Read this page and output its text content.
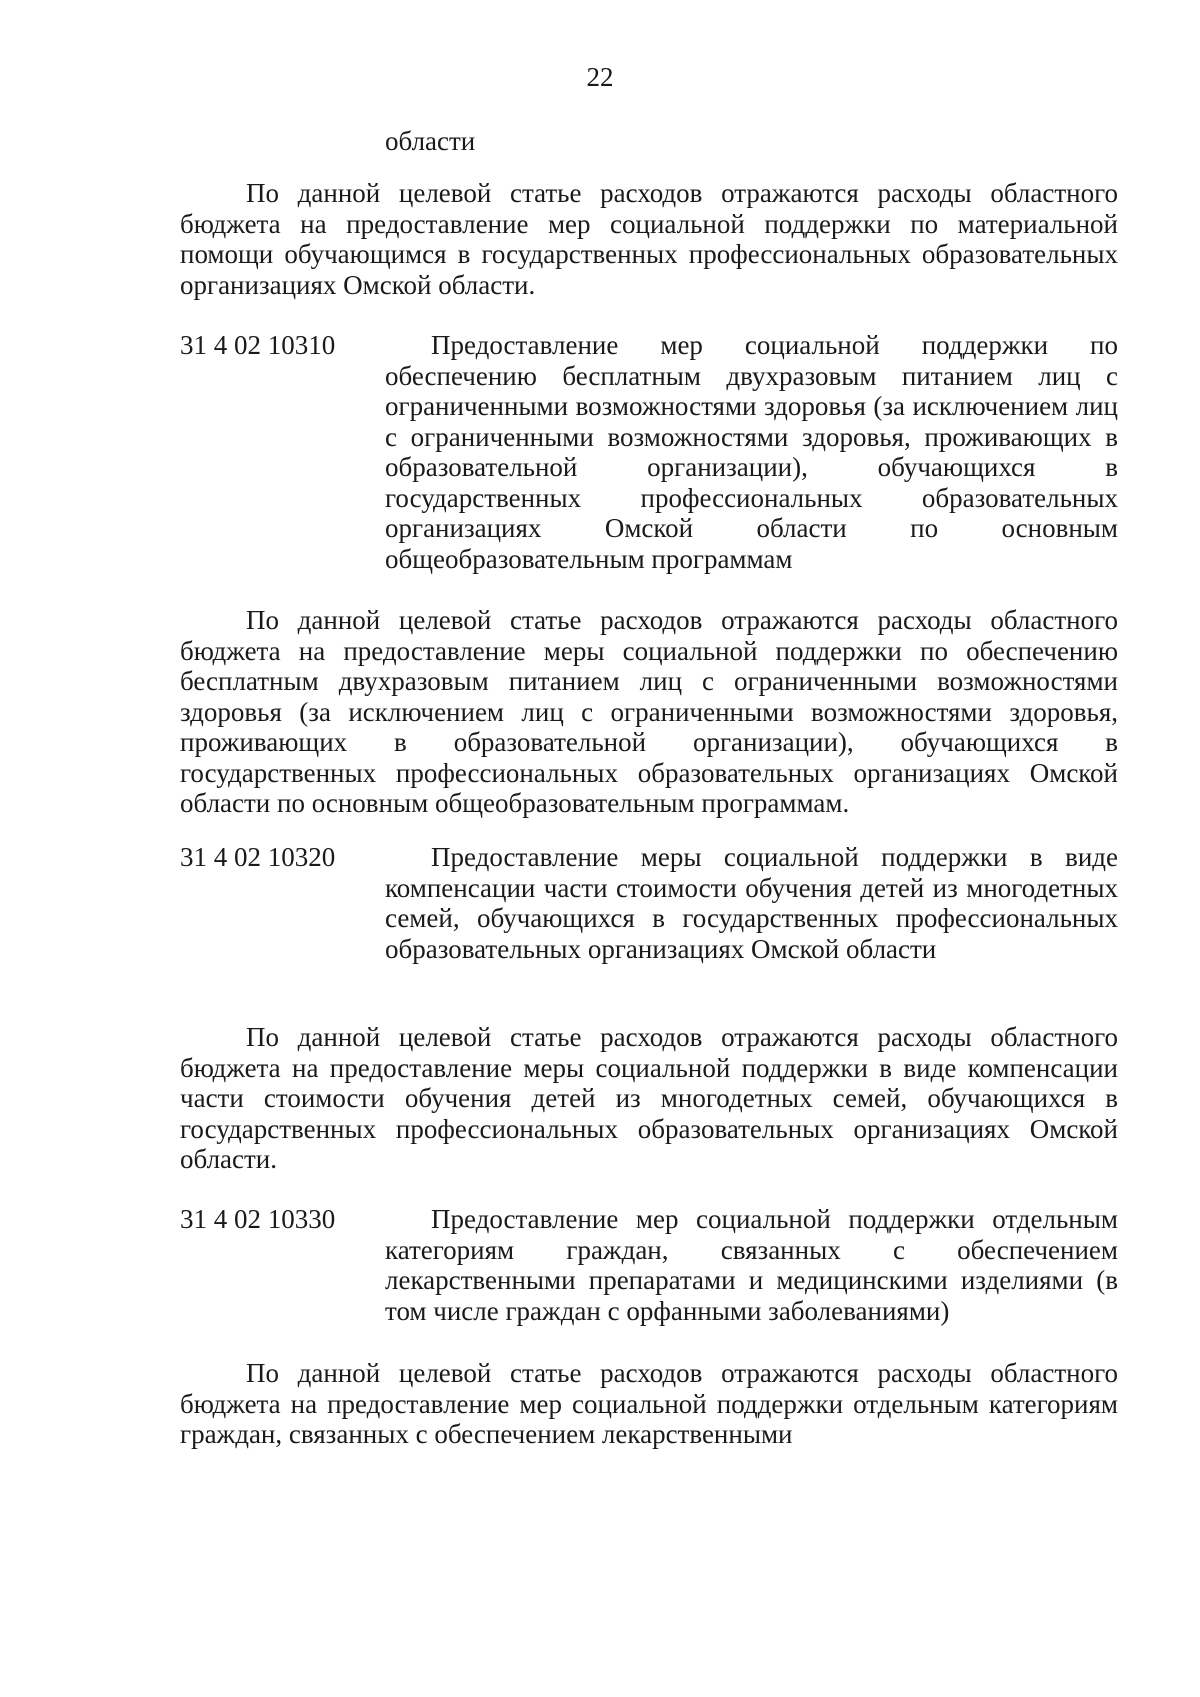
22
области

По данной целевой статье расходов отражаются расходы областного бюджета на предоставление мер социальной поддержки по материальной помощи обучающимся в государственных профессиональных образовательных организациях Омской области.

31 4 02 10310	Предоставление мер социальной поддержки по обеспечению бесплатным двухразовым питанием лиц с ограниченными возможностями здоровья (за исключением лиц с ограниченными возможностями здоровья, проживающих в образовательной организации), обучающихся в государственных профессиональных образовательных организациях Омской области по основным общеобразовательным программам

По данной целевой статье расходов отражаются расходы областного бюджета на предоставление меры социальной поддержки по обеспечению бесплатным двухразовым питанием лиц с ограниченными возможностями здоровья (за исключением лиц с ограниченными возможностями здоровья, проживающих в образовательной организации), обучающихся в государственных профессиональных образовательных организациях Омской области по основным общеобразовательным программам.

31 4 02 10320	Предоставление меры социальной поддержки в виде компенсации части стоимости обучения детей из многодетных семей, обучающихся в государственных профессиональных образовательных организациях Омской области

По данной целевой статье расходов отражаются расходы областного бюджета на предоставление меры социальной поддержки в виде компенсации части стоимости обучения детей из многодетных семей, обучающихся в государственных профессиональных образовательных организациях Омской области.

31 4 02 10330	Предоставление мер социальной поддержки отдельным категориям граждан, связанных с обеспечением лекарственными препаратами и медицинскими изделиями (в том числе граждан с орфанными заболеваниями)

По данной целевой статье расходов отражаются расходы областного бюджета на предоставление мер социальной поддержки отдельным категориям граждан, связанных с обеспечением лекарственными
